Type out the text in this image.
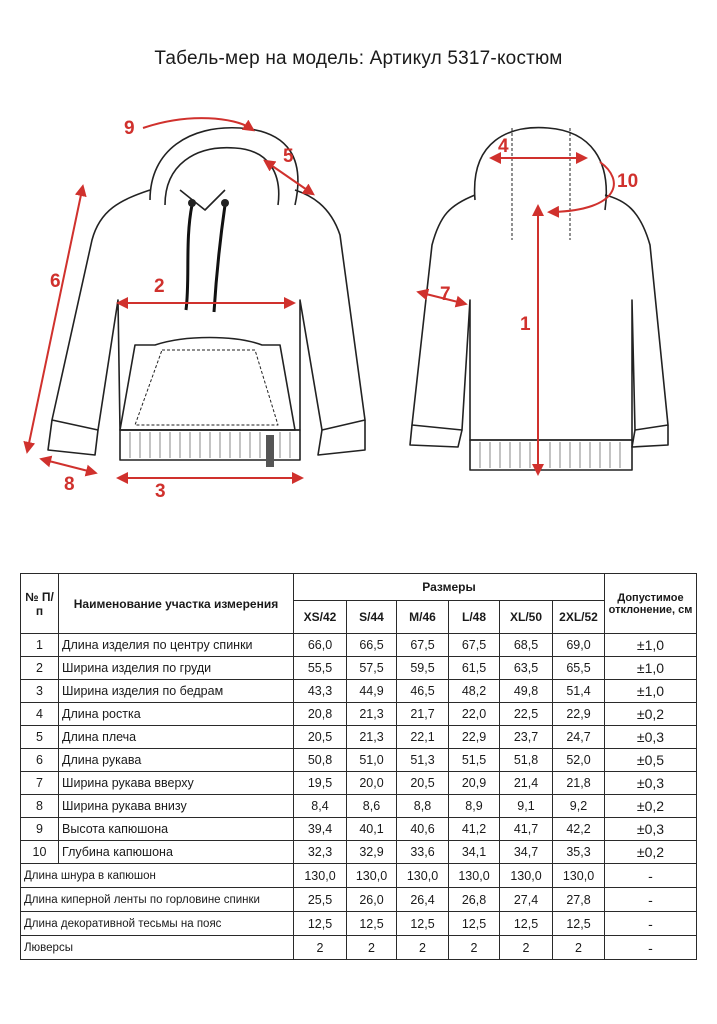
Табель-мер на модель: Артикул 5317-костюм
1
2
3
4
5
6
7
8
9
10
№ П/п	Наименование участка измерения	Размеры						Допустимое отклонение, см
		XS/42	S/44	M/46	L/48	XL/50	2XL/52	
1	Длина изделия по центру спинки	66,0	66,5	67,5	67,5	68,5	69,0	±1,0
2	Ширина изделия по груди	55,5	57,5	59,5	61,5	63,5	65,5	±1,0
3	Ширина изделия по бедрам	43,3	44,9	46,5	48,2	49,8	51,4	±1,0
4	Длина ростка	20,8	21,3	21,7	22,0	22,5	22,9	±0,2
5	Длина плеча	20,5	21,3	22,1	22,9	23,7	24,7	±0,3
6	Длина рукава	50,8	51,0	51,3	51,5	51,8	52,0	±0,5
7	Ширина рукава вверху	19,5	20,0	20,5	20,9	21,4	21,8	±0,3
8	Ширина рукава внизу	8,4	8,6	8,8	8,9	9,1	9,2	±0,2
9	Высота капюшона	39,4	40,1	40,6	41,2	41,7	42,2	±0,3
10	Глубина капюшона	32,3	32,9	33,6	34,1	34,7	35,3	±0,2
Длина шнура в капюшон		130,0	130,0	130,0	130,0	130,0	130,0	-
Длина киперной ленты по горловине спинки		25,5	26,0	26,4	26,8	27,4	27,8	-
Длина декоративной тесьмы на пояс		12,5	12,5	12,5	12,5	12,5	12,5	-
Люверсы		2	2	2	2	2	2	-
